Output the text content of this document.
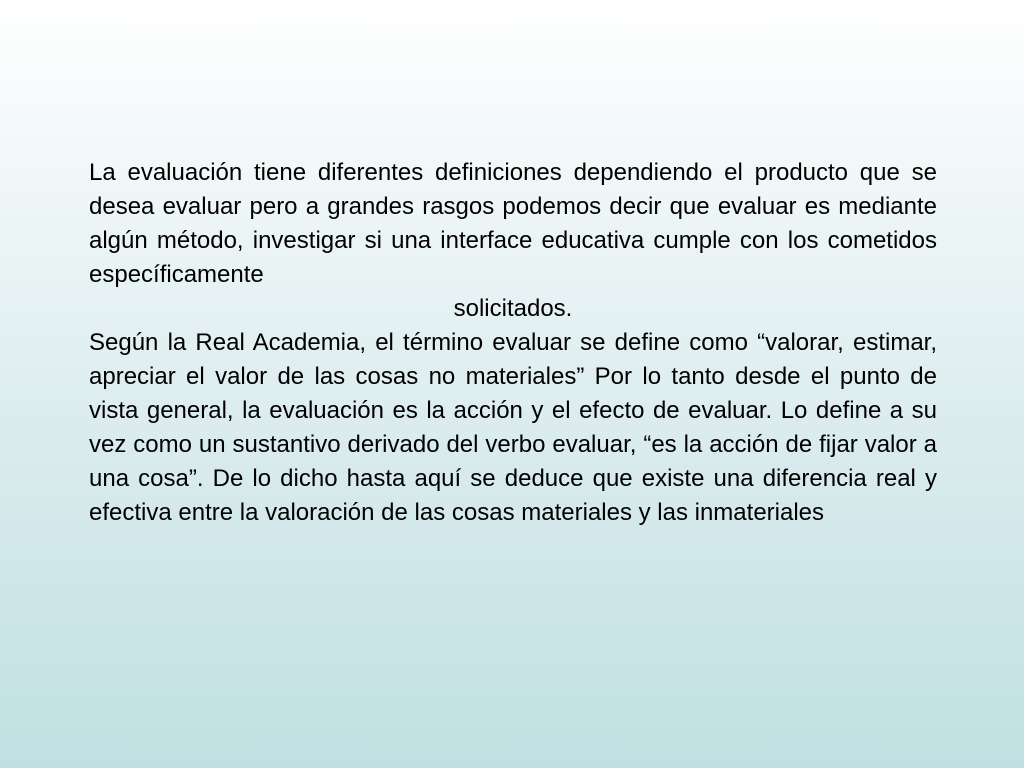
La evaluación tiene diferentes definiciones dependiendo el producto que se desea evaluar pero a grandes rasgos podemos decir que evaluar es mediante algún método, investigar si una interface educativa cumple con los cometidos específicamente
solicitados.

Según la Real Academia, el término evaluar se define como “valorar, estimar, apreciar el valor de las cosas no materiales” Por lo tanto desde el punto de vista general, la evaluación es la acción y el efecto de evaluar. Lo define a su vez como un sustantivo derivado del verbo evaluar, “es la acción de fijar valor a una cosa”. De lo dicho hasta aquí se deduce que existe una diferencia real y efectiva entre la valoración de las cosas materiales y las inmateriales
